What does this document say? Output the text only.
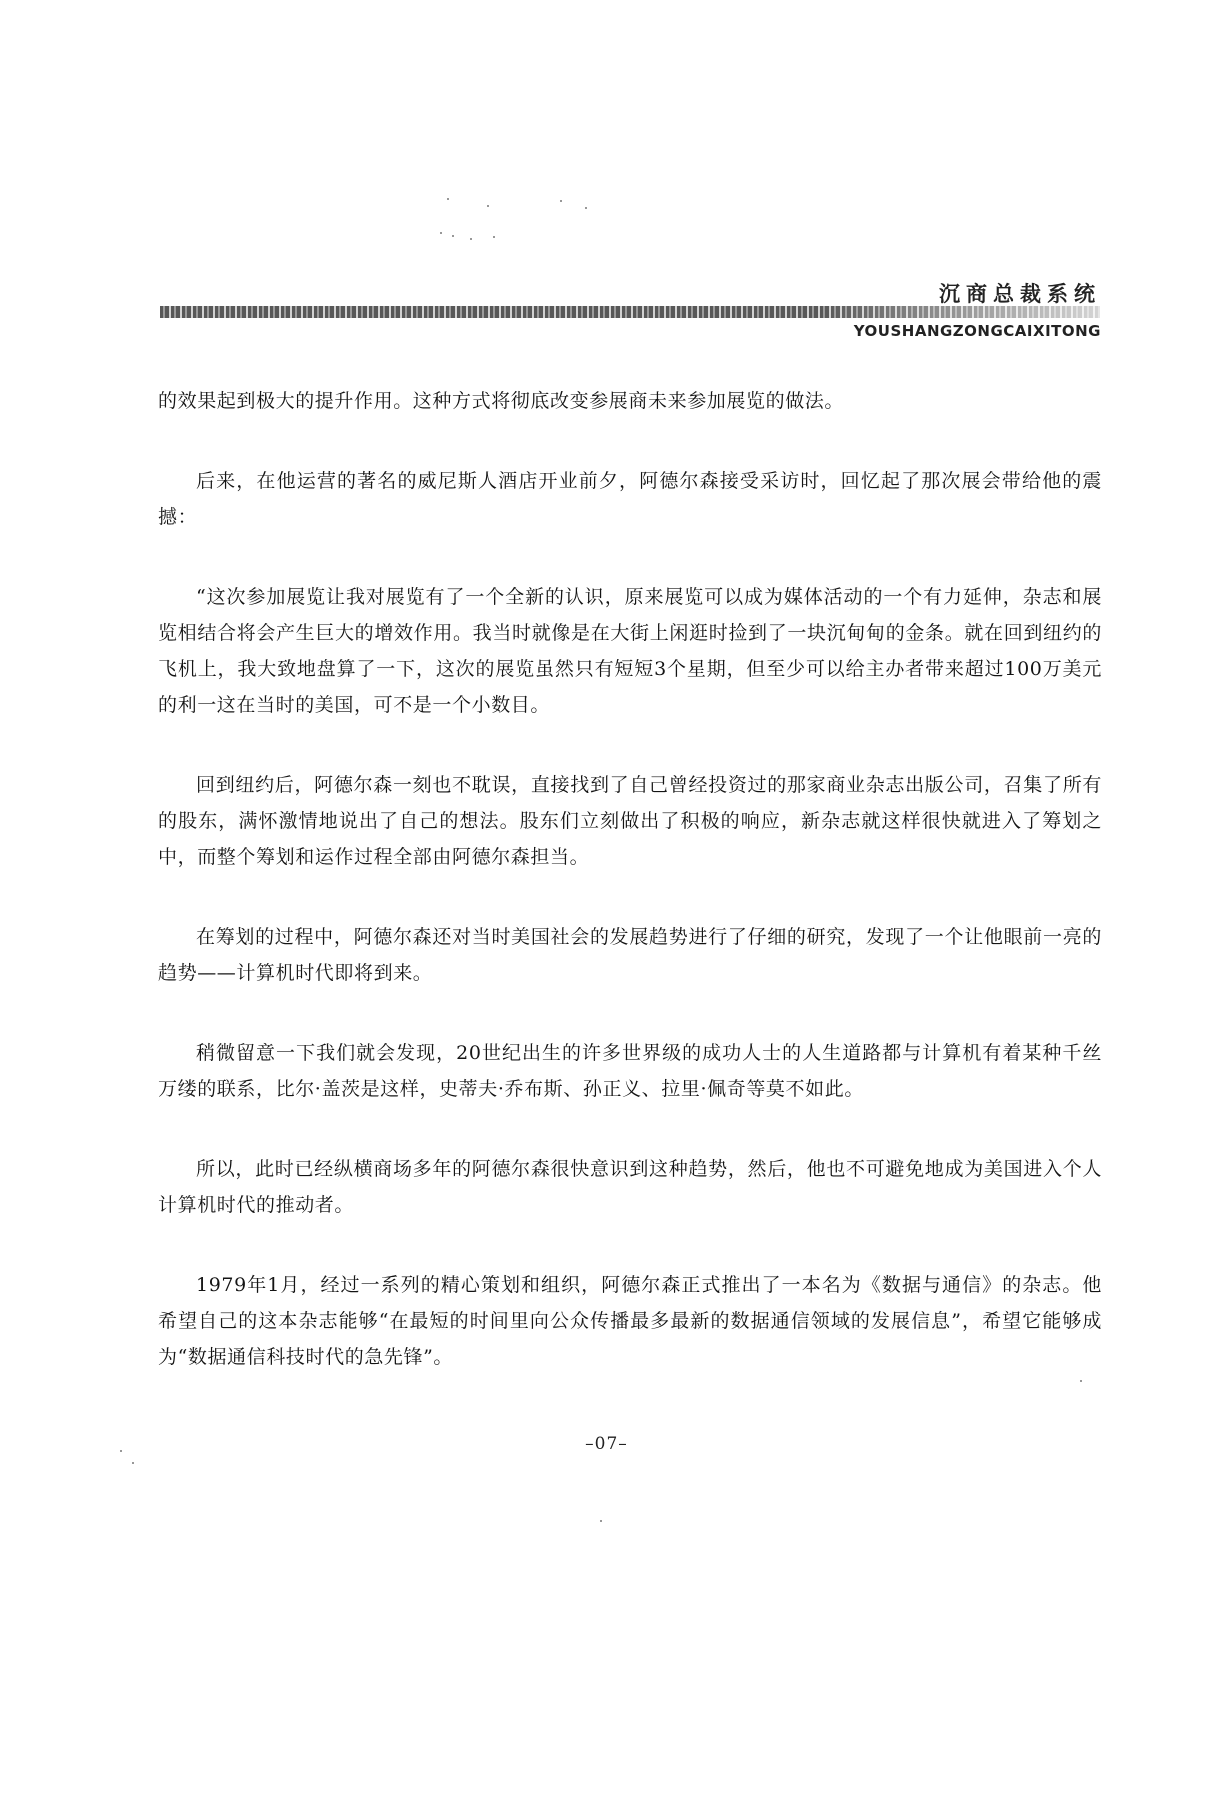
沉商总裁系统
YOUSHANGZONGCAIXITONG

的效果起到极大的提升作用。这种方式将彻底改变参展商未来参加展览的做法。

后来，在他运营的著名的威尼斯人酒店开业前夕，阿德尔森接受采访时，回忆起了那次展会带给他的震撼：

“这次参加展览让我对展览有了一个全新的认识，原来展览可以成为媒体活动的一个有力延伸，杂志和展览相结合将会产生巨大的增效作用。我当时就像是在大街上闲逛时捡到了一块沉甸甸的金条。就在回到纽约的飞机上，我大致地盘算了一下，这次的展览虽然只有短短3个星期，但至少可以给主办者带来超过100万美元的利一这在当时的美国，可不是一个小数目。

回到纽约后，阿德尔森一刻也不耽误，直接找到了自己曾经投资过的那家商业杂志出版公司，召集了所有的股东，满怀激情地说出了自己的想法。股东们立刻做出了积极的响应，新杂志就这样很快就进入了筹划之中，而整个筹划和运作过程全部由阿德尔森担当。

在筹划的过程中，阿德尔森还对当时美国社会的发展趋势进行了仔细的研究，发现了一个让他眼前一亮的趋势——计算机时代即将到来。

稍微留意一下我们就会发现，20世纪出生的许多世界级的成功人士的人生道路都与计算机有着某种千丝万缕的联系，比尔·盖茨是这样，史蒂夫·乔布斯、孙正义、拉里·佩奇等莫不如此。

所以，此时已经纵横商场多年的阿德尔森很快意识到这种趋势，然后，他也不可避免地成为美国进入个人计算机时代的推动者。

1979年1月，经过一系列的精心策划和组织，阿德尔森正式推出了一本名为《数据与通信》的杂志。他希望自己的这本杂志能够“在最短的时间里向公众传播最多最新的数据通信领域的发展信息”，希望它能够成为“数据通信科技时代的急先锋”。

–07–
